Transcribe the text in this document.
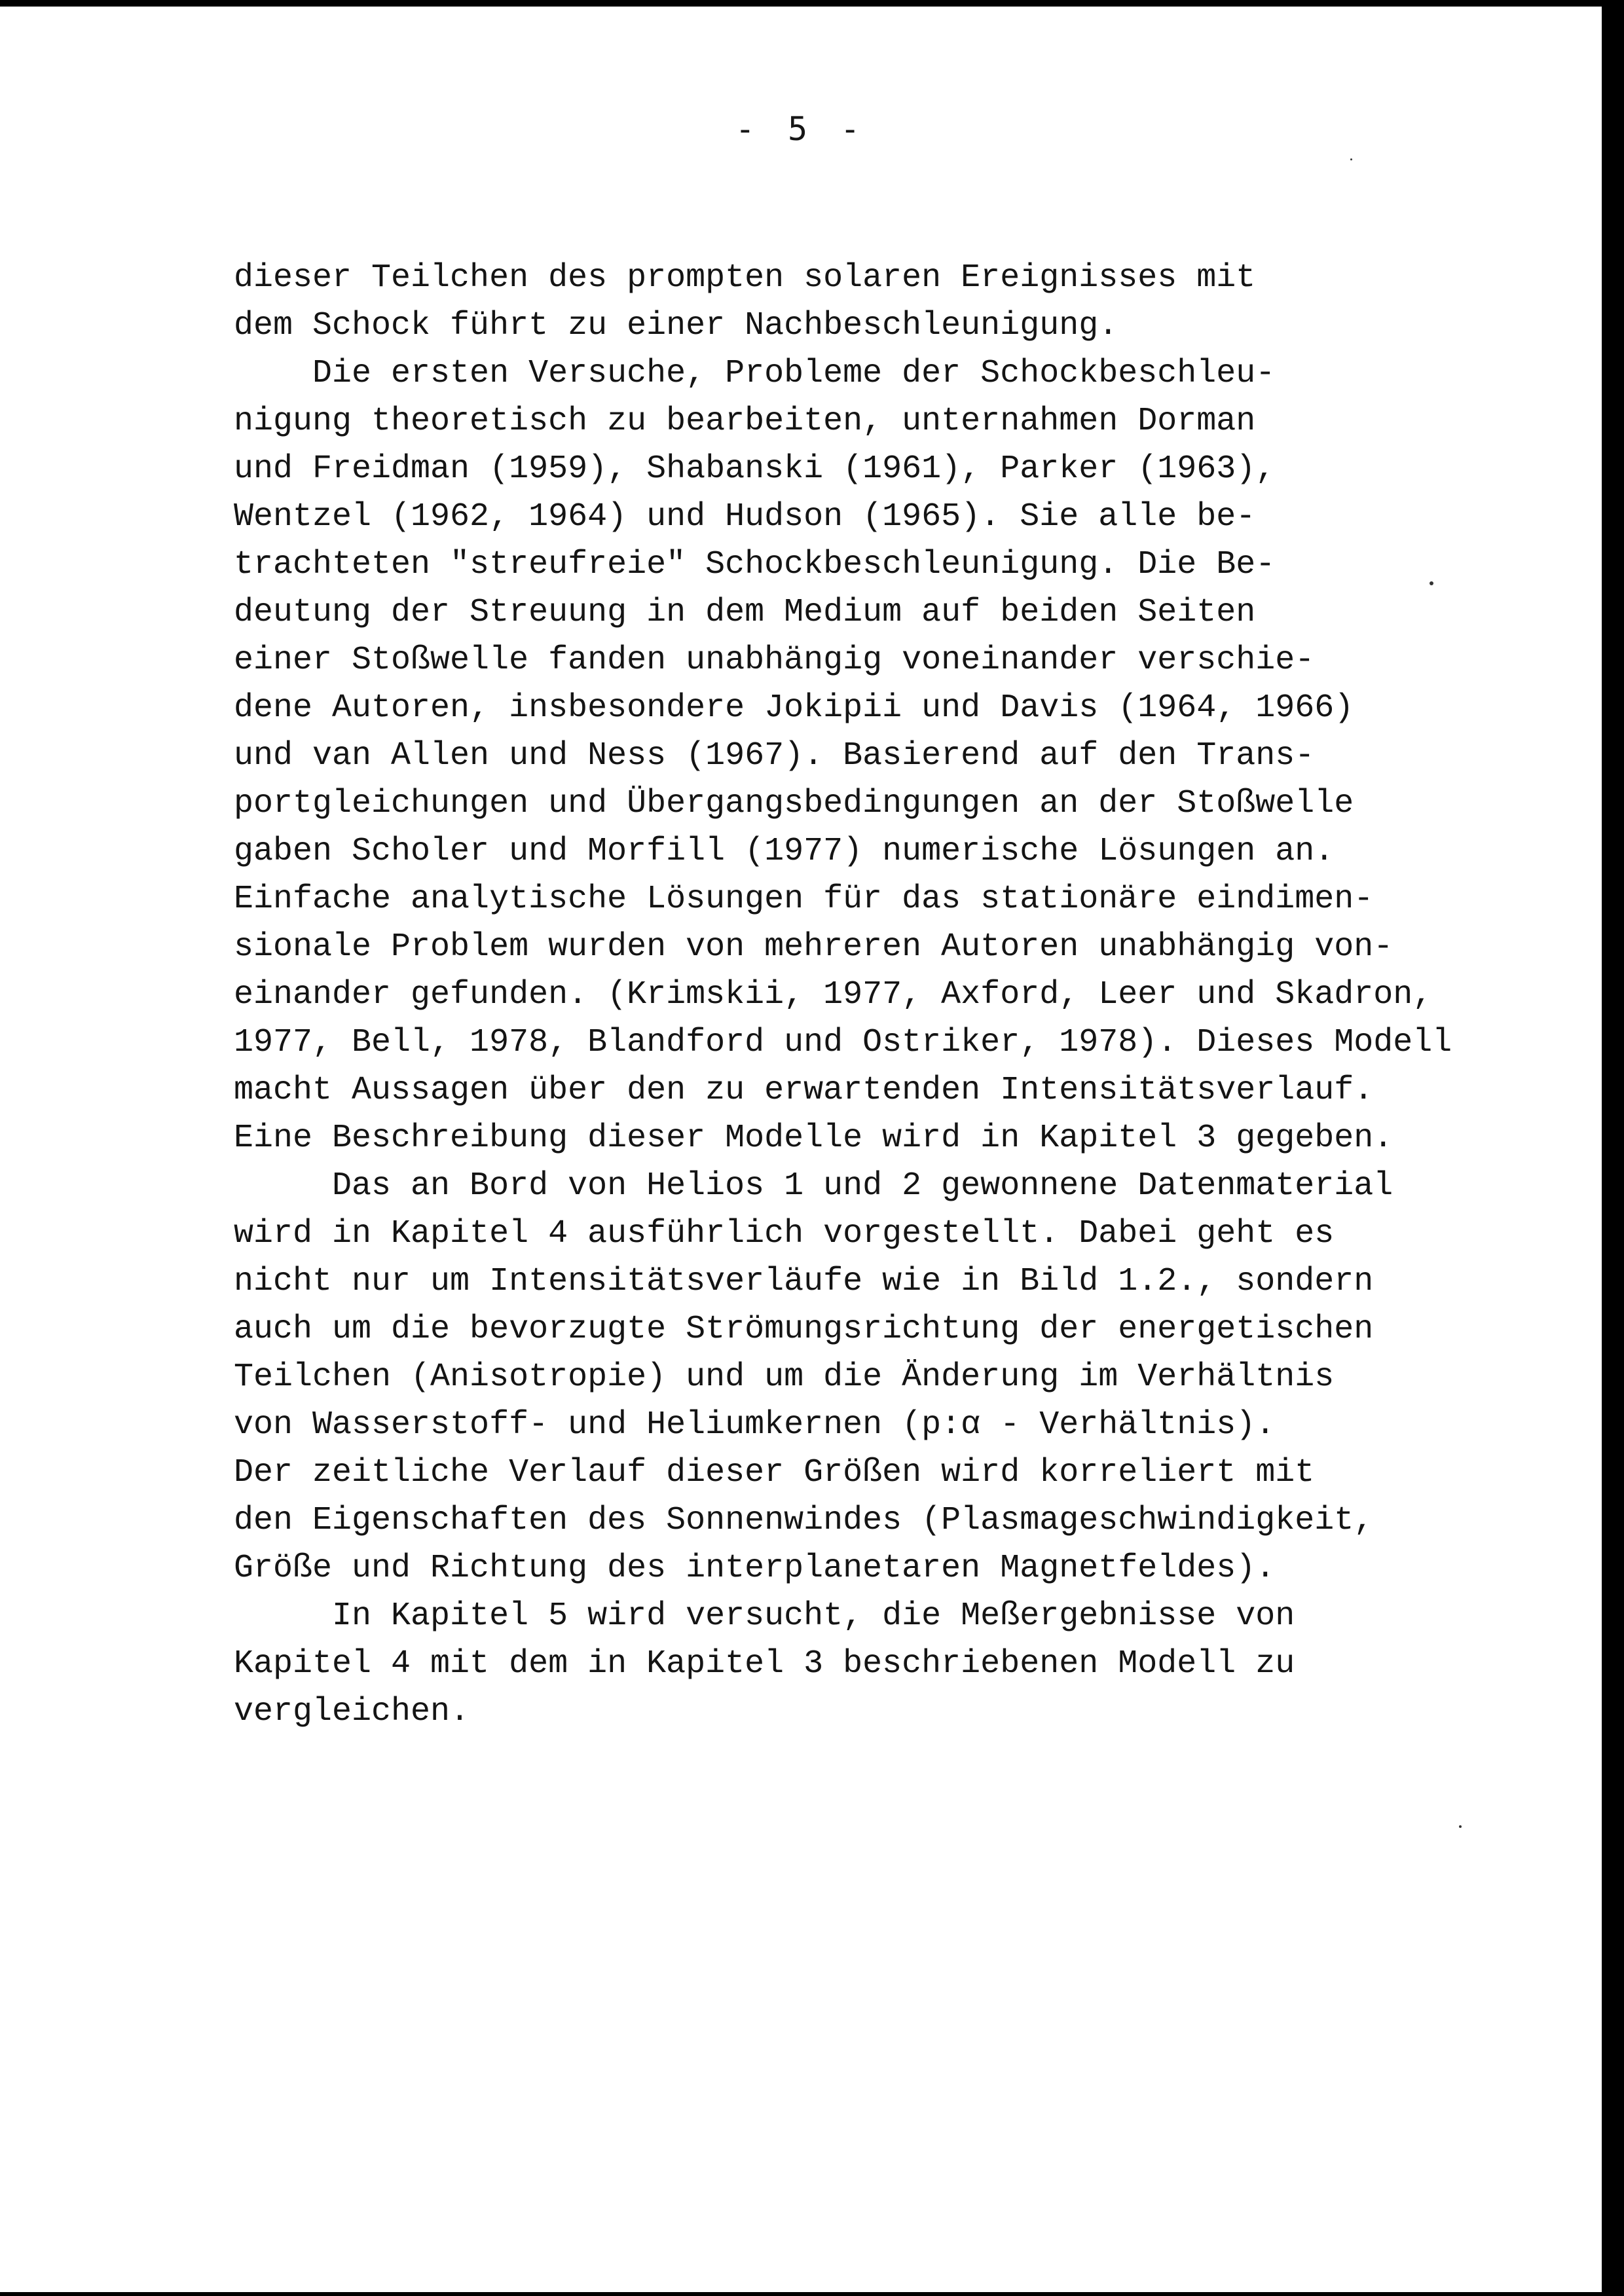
- 5 -
dieser Teilchen des prompten solaren Ereignisses mit
dem Schock führt zu einer Nachbeschleunigung.
Die ersten Versuche, Probleme der Schockbeschleu-
nigung theoretisch zu bearbeiten, unternahmen Dorman
und Freidman (1959), Shabanski (1961), Parker (1963),
Wentzel (1962, 1964) und Hudson (1965). Sie alle be-
trachteten "streufreie" Schockbeschleunigung. Die Be-
deutung der Streuung in dem Medium auf beiden Seiten
einer Stoßwelle fanden unabhängig voneinander verschie-
dene Autoren, insbesondere Jokipii und Davis (1964, 1966)
und van Allen und Ness (1967). Basierend auf den Trans-
portgleichungen und Übergangsbedingungen an der Stoßwelle
gaben Scholer und Morfill (1977) numerische Lösungen an.
Einfache analytische Lösungen für das stationäre eindimen-
sionale Problem wurden von mehreren Autoren unabhängig von-
einander gefunden. (Krimskii, 1977, Axford, Leer und Skadron,
1977, Bell, 1978, Blandford und Ostriker, 1978). Dieses Modell
macht Aussagen über den zu erwartenden Intensitätsverlauf.
Eine Beschreibung dieser Modelle wird in Kapitel 3 gegeben.
Das an Bord von Helios 1 und 2 gewonnene Datenmaterial
wird in Kapitel 4 ausführlich vorgestellt. Dabei geht es
nicht nur um Intensitätsverläufe wie in Bild 1.2., sondern
auch um die bevorzugte Strömungsrichtung der energetischen
Teilchen (Anisotropie) und um die Änderung im Verhältnis
von Wasserstoff- und Heliumkernen (p:α - Verhältnis).
Der zeitliche Verlauf dieser Größen wird korreliert mit
den Eigenschaften des Sonnenwindes (Plasmageschwindigkeit,
Größe und Richtung des interplanetaren Magnetfeldes).
In Kapitel 5 wird versucht, die Meßergebnisse von
Kapitel 4 mit dem in Kapitel 3 beschriebenen Modell zu
vergleichen.
